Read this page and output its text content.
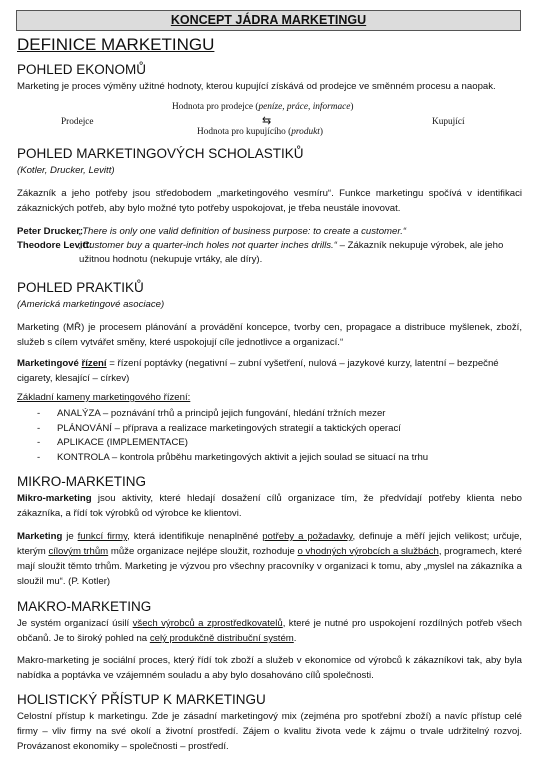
KONCEPT JÁDRA MARKETINGU
DEFINICE MARKETINGU
POHLED EKONOMŮ
Marketing je proces výměny užitné hodnoty, kterou kupující získává od prodejce ve směnném procesu a naopak.
Hodnota pro prodejce (peníze, práce, informace)
⇆
Hodnota pro kupujícího (produkt)
Prodejce	Kupující
POHLED MARKETINGOVÝCH SCHOLASTIKŮ
(Kotler, Drucker, Levitt)
Zákazník a jeho potřeby jsou středobodem „marketingového vesmíru“. Funkce marketingu spočívá v identifikaci zákaznických potřeb, aby bylo možné tyto potřeby uspokojovat, je třeba neustále inovovat.
Peter Drucker:
„There is only one valid definition of business purpose: to create a customer.“
Theodore Levitt:
„Customer buy a quarter-inch holes not quarter inches drills.“ – Zákazník nekupuje výrobek, ale jeho užitnou hodnotu (nekupuje vrtáky, ale díry).
POHLED PRAKTIKŮ
(Americká marketingové asociace)
Marketing (MŘ) je procesem plánování a provádění koncepce, tvorby cen, propagace a distribuce myšlenek, zboží, služeb s cílem vytvářet směny, které uspokojují cíle jednotlivce a organizací.“
Marketingové řízení = řízení poptávky (negativní – zubní vyšetření, nulová – jazykové kurzy, latentní – bezpečné cigarety, klesající – církev)
Základní kameny marketingového řízení:
- ANALÝZA – poznávání trhů a principů jejich fungování, hledání tržních mezer
- PLÁNOVÁNÍ – příprava a realizace marketingových strategií a taktických operací
- APLIKACE (IMPLEMENTACE)
- KONTROLA – kontrola průběhu marketingových aktivit a jejich soulad se situací na trhu
MIKRO-MARKETING
Mikro-marketing jsou aktivity, které hledají dosažení cílů organizace tím, že předvídají potřeby klienta nebo zákazníka, a řídí tok výrobků od výrobce ke klientovi.
Marketing je funkcí firmy, která identifikuje nenaplněné potřeby a požadavky, definuje a měří jejich velikost; určuje, kterým cílovým trhům může organizace nejlépe sloužit, rozhoduje o vhodných výrobcích a službách, programech, které mají sloužit těmto trhům. Marketing je výzvou pro všechny pracovníky v organizaci k tomu, aby „myslel na zákazníka a sloužil mu“. (P. Kotler)
MAKRO-MARKETING
Je systém organizací úsilí všech výrobců a zprostředkovatelů, které je nutné pro uspokojení rozdílných potřeb všech občanů. Je to široký pohled na celý produkčně distribuční systém.
Makro-marketing je sociální proces, který řídí tok zboží a služeb v ekonomice od výrobců k zákazníkovi tak, aby byla nabídka a poptávka ve vzájemném souladu a aby bylo dosahováno cílů společnosti.
HOLISTICKÝ PŘÍSTUP K MARKETINGU
Celostní přístup k marketingu. Zde je zásadní marketingový mix (zejména pro spotřební zboží) a navíc přístup celé firmy – vliv firmy na své okolí a životní prostředí. Zájem o kvalitu života vede k zájmu o trvale udržitelný rozvoj. Provázanost ekonomiky – společnosti – prostředí.
